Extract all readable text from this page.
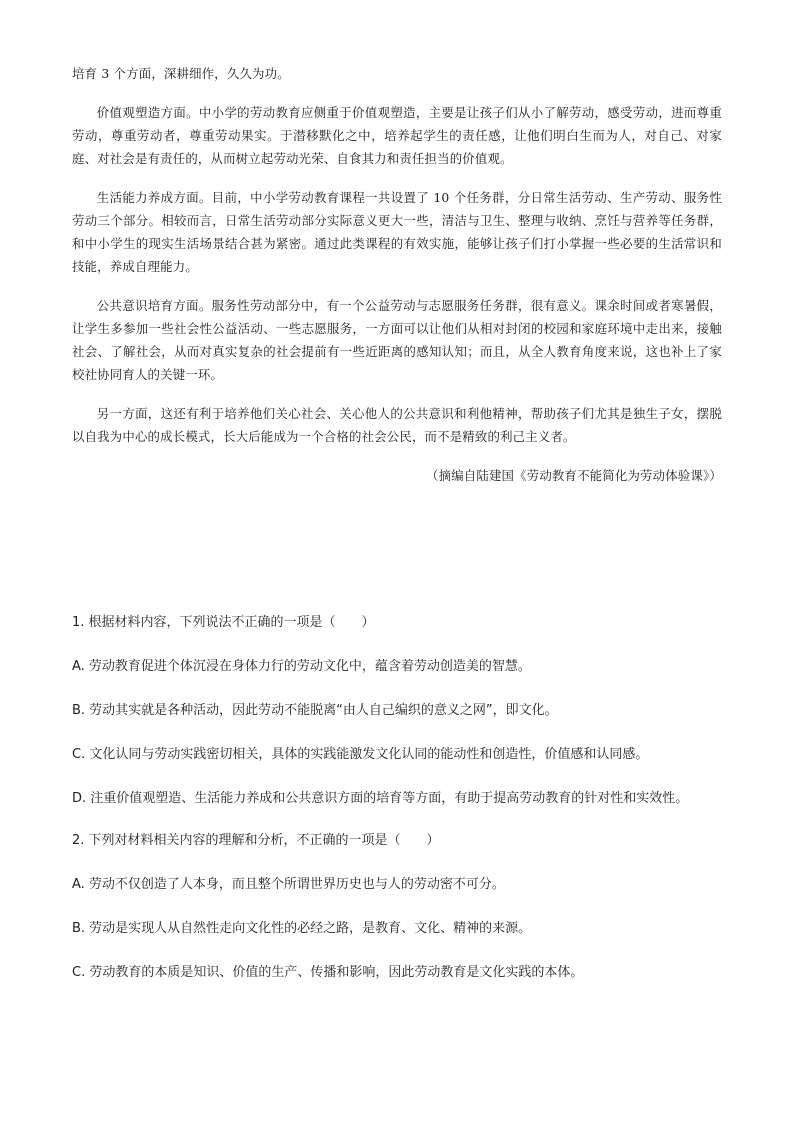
培育 3 个方面，深耕细作，久久为功。

价值观塑造方面。中小学的劳动教育应侧重于价值观塑造，主要是让孩子们从小了解劳动，感受劳动，进而尊重劳动，尊重劳动者，尊重劳动果实。于潜移默化之中，培养起学生的责任感，让他们明白生而为人，对自己、对家庭、对社会是有责任的，从而树立起劳动光荣、自食其力和责任担当的价值观。

生活能力养成方面。目前，中小学劳动教育课程一共设置了 10 个任务群，分日常生活劳动、生产劳动、服务性劳动三个部分。相较而言，日常生活劳动部分实际意义更大一些，清洁与卫生、整理与收纳、烹饪与营养等任务群，和中小学生的现实生活场景结合甚为紧密。通过此类课程的有效实施，能够让孩子们打小掌握一些必要的生活常识和技能，养成自理能力。

公共意识培育方面。服务性劳动部分中，有一个公益劳动与志愿服务任务群，很有意义。课余时间或者寒暑假，让学生多参加一些社会性公益活动、一些志愿服务，一方面可以让他们从相对封闭的校园和家庭环境中走出来，接触社会、了解社会，从而对真实复杂的社会提前有一些近距离的感知认知；而且，从全人教育角度来说，这也补上了家校社协同育人的关键一环。

另一方面，这还有利于培养他们关心社会、关心他人的公共意识和利他精神，帮助孩子们尤其是独生子女，摆脱以自我为中心的成长模式，长大后能成为一个合格的社会公民，而不是精致的利己主义者。

（摘编自陆建国《劳动教育不能简化为劳动体验课》）

1. 根据材料内容，下列说法不正确的一项是（　　）
A. 劳动教育促进个体沉浸在身体力行的劳动文化中，蕴含着劳动创造美的智慧。
B. 劳动其实就是各种活动，因此劳动不能脱离“由人自己编织的意义之网”，即文化。
C. 文化认同与劳动实践密切相关，具体的实践能激发文化认同的能动性和创造性，价值感和认同感。
D. 注重价值观塑造、生活能力养成和公共意识方面的培育等方面，有助于提高劳动教育的针对性和实效性。
2. 下列对材料相关内容的理解和分析，不正确的一项是（　　）
A. 劳动不仅创造了人本身，而且整个所谓世界历史也与人的劳动密不可分。
B. 劳动是实现人从自然性走向文化性的必经之路，是教育、文化、精神的来源。
C. 劳动教育的本质是知识、价值的生产、传播和影响，因此劳动教育是文化实践的本体。
